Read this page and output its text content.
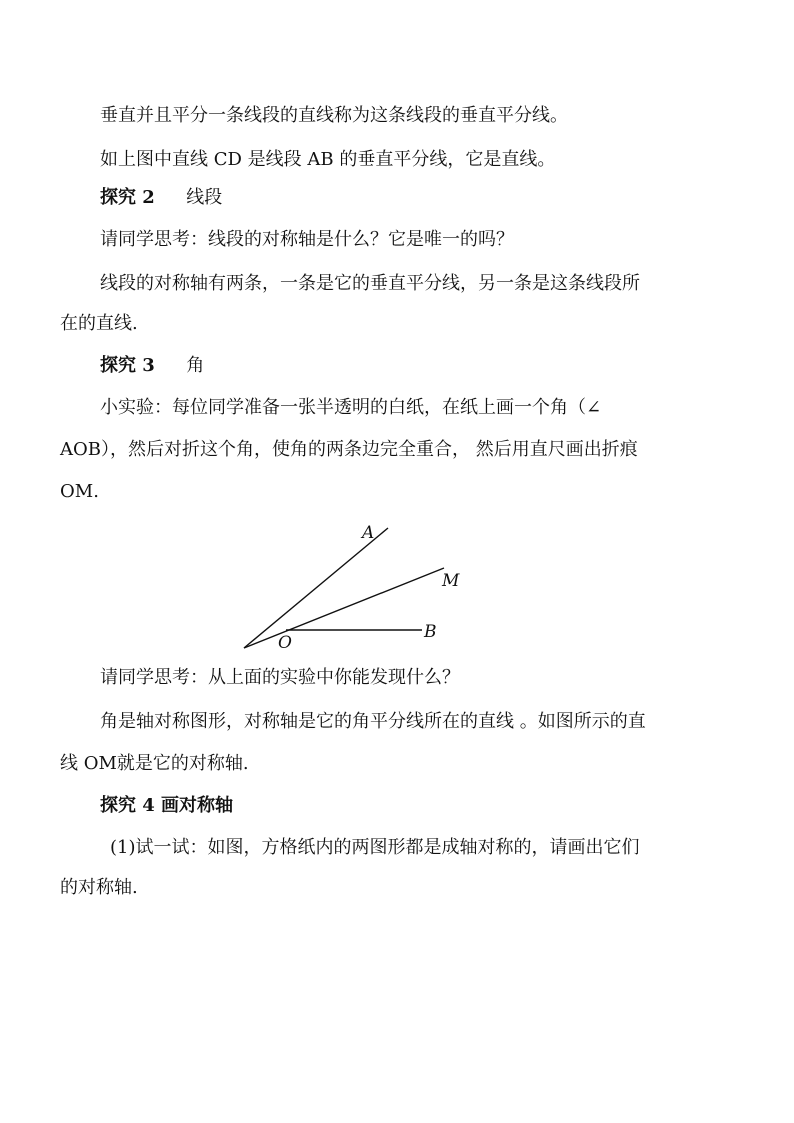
垂直并且平分一条线段的直线称为这条线段的垂直平分线。
如上图中直线 CD 是线段 AB 的垂直平分线，它是直线。
探究 2 线段
请同学思考：线段的对称轴是什么？它是唯一的吗？
线段的对称轴有两条，一条是它的垂直平分线，另一条是这条线段所
在的直线.
探究 3 角
小实验：每位同学准备一张半透明的白纸，在纸上画一个角（∠
AOB），然后对折这个角，使角的两条边完全重合， 然后用直尺画出折痕
OM.
A
M
B
O
请同学思考：从上面的实验中你能发现什么？
角是轴对称图形，对称轴是它的角平分线所在的直线 。如图所示的直
线 OM就是它的对称轴.
探究 4 画对称轴
(1)试一试：如图，方格纸内的两图形都是成轴对称的，请画出它们
的对称轴.
